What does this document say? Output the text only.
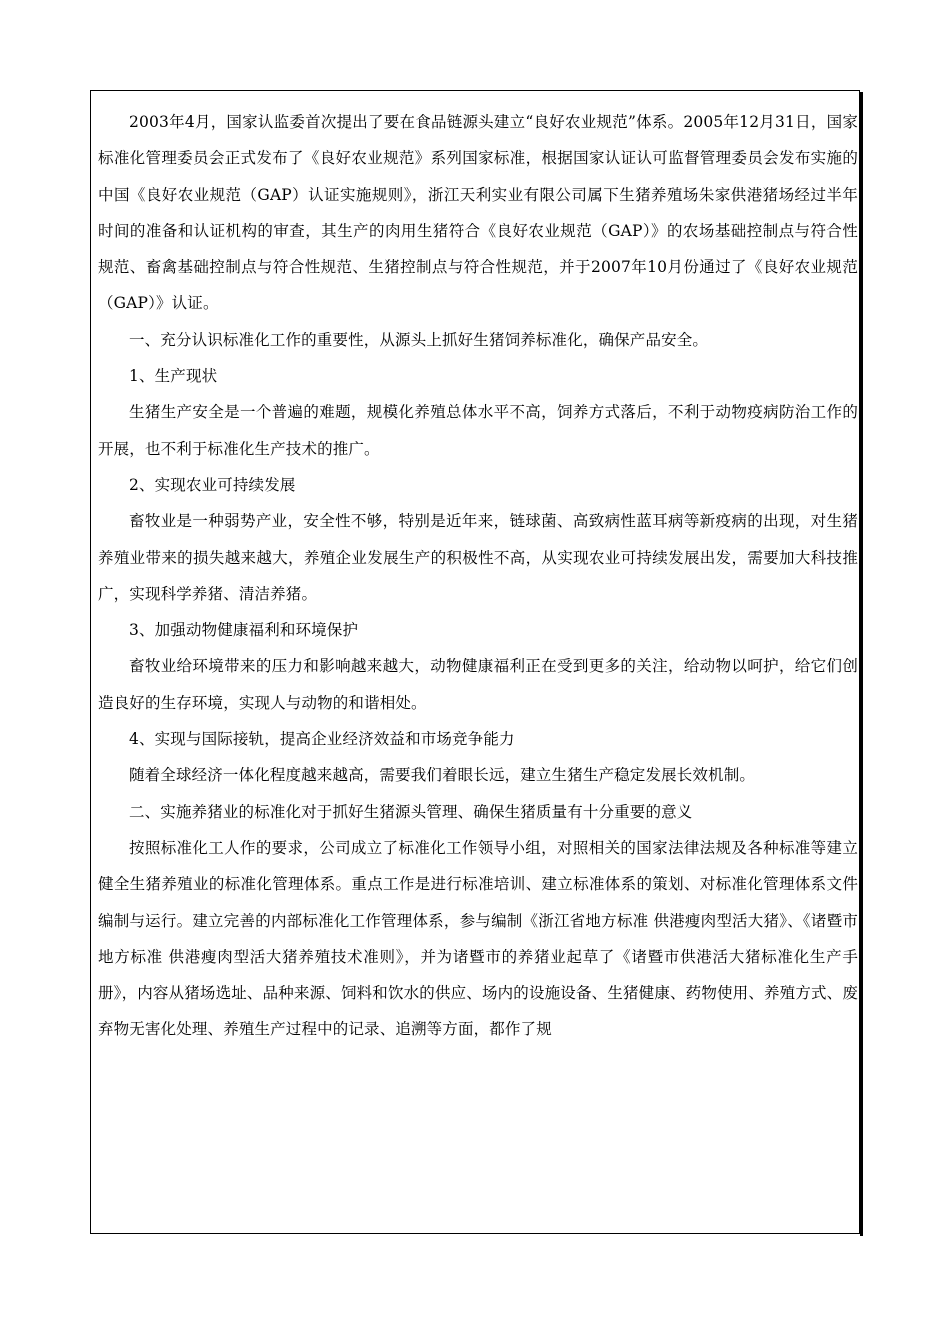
2003年4月，国家认监委首次提出了要在食品链源头建立“良好农业规范”体系。2005年12月31日，国家标准化管理委员会正式发布了《良好农业规范》系列国家标准，根据国家认证认可监督管理委员会发布实施的中国《良好农业规范（GAP）认证实施规则》，浙江天利实业有限公司属下生猪养殖场朱家供港猪场经过半年时间的准备和认证机构的审查，其生产的肉用生猪符合《良好农业规范（GAP）》的农场基础控制点与符合性规范、畜禽基础控制点与符合性规范、生猪控制点与符合性规范，并于2007年10月份通过了《良好农业规范（GAP）》认证。

一、充分认识标准化工作的重要性，从源头上抓好生猪饲养标准化，确保产品安全。

1、生产现状

生猪生产安全是一个普遍的难题，规模化养殖总体水平不高，饲养方式落后，不利于动物疫病防治工作的开展，也不利于标准化生产技术的推广。

2、实现农业可持续发展

畜牧业是一种弱势产业，安全性不够，特别是近年来，链球菌、高致病性蓝耳病等新疫病的出现，对生猪养殖业带来的损失越来越大，养殖企业发展生产的积极性不高，从实现农业可持续发展出发，需要加大科技推广，实现科学养猪、清洁养猪。

3、加强动物健康福利和环境保护

畜牧业给环境带来的压力和影响越来越大，动物健康福利正在受到更多的关注，给动物以呵护，给它们创造良好的生存环境，实现人与动物的和谐相处。

4、实现与国际接轨，提高企业经济效益和市场竞争能力

随着全球经济一体化程度越来越高，需要我们着眼长远，建立生猪生产稳定发展长效机制。

二、实施养猪业的标准化对于抓好生猪源头管理、确保生猪质量有十分重要的意义

按照标准化工人作的要求，公司成立了标准化工作领导小组，对照相关的国家法律法规及各种标准等建立健全生猪养殖业的标准化管理体系。重点工作是进行标准培训、建立标准体系的策划、对标准化管理体系文件编制与运行。建立完善的内部标准化工作管理体系，参与编制《浙江省地方标准 供港瘦肉型活大猪》、《诸暨市地方标准 供港瘦肉型活大猪养殖技术准则》，并为诸暨市的养猪业起草了《诸暨市供港活大猪标准化生产手册》，内容从猪场选址、品种来源、饲料和饮水的供应、场内的设施设备、生猪健康、药物使用、养殖方式、废弃物无害化处理、养殖生产过程中的记录、追溯等方面，都作了规
